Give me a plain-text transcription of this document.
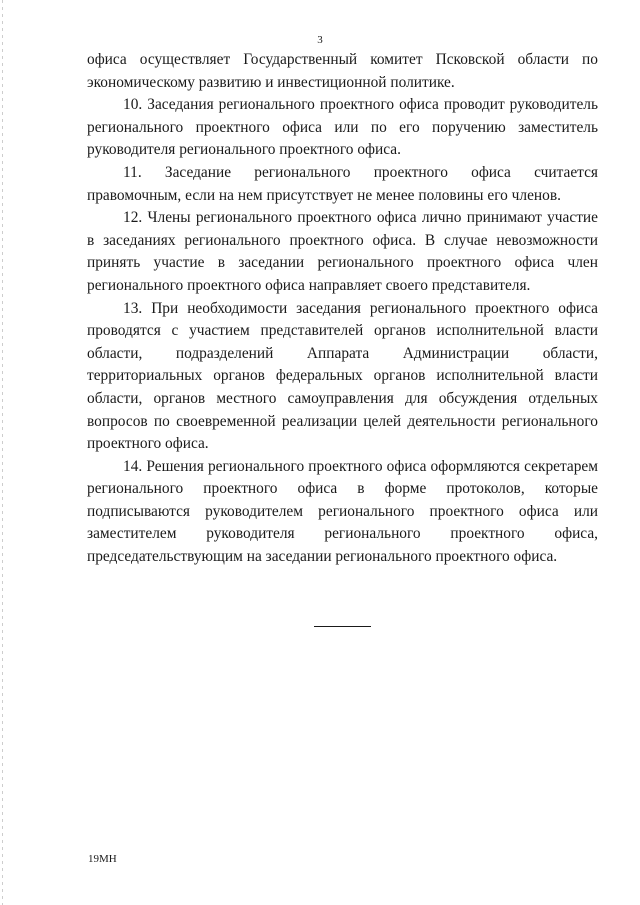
3

офиса осуществляет Государственный комитет Псковской области по экономическому развитию и инвестиционной политике.

10. Заседания регионального проектного офиса проводит руководитель регионального проектного офиса или по его поручению заместитель руководителя регионального проектного офиса.

11. Заседание регионального проектного офиса считается правомочным, если на нем присутствует не менее половины его членов.

12. Члены регионального проектного офиса лично принимают участие в заседаниях регионального проектного офиса. В случае невозможности принять участие в заседании регионального проектного офиса член регионального проектного офиса направляет своего представителя.

13. При необходимости заседания регионального проектного офиса проводятся с участием представителей органов исполнительной власти области, подразделений Аппарата Администрации области, территориальных органов федеральных органов исполнительной власти области, органов местного самоуправления для обсуждения отдельных вопросов по своевременной реализации целей деятельности регионального проектного офиса.

14. Решения регионального проектного офиса оформляются секретарем регионального проектного офиса в форме протоколов, которые подписываются руководителем регионального проектного офиса или заместителем руководителя регионального проектного офиса, председательствующим на заседании регионального проектного офиса.

19МН
